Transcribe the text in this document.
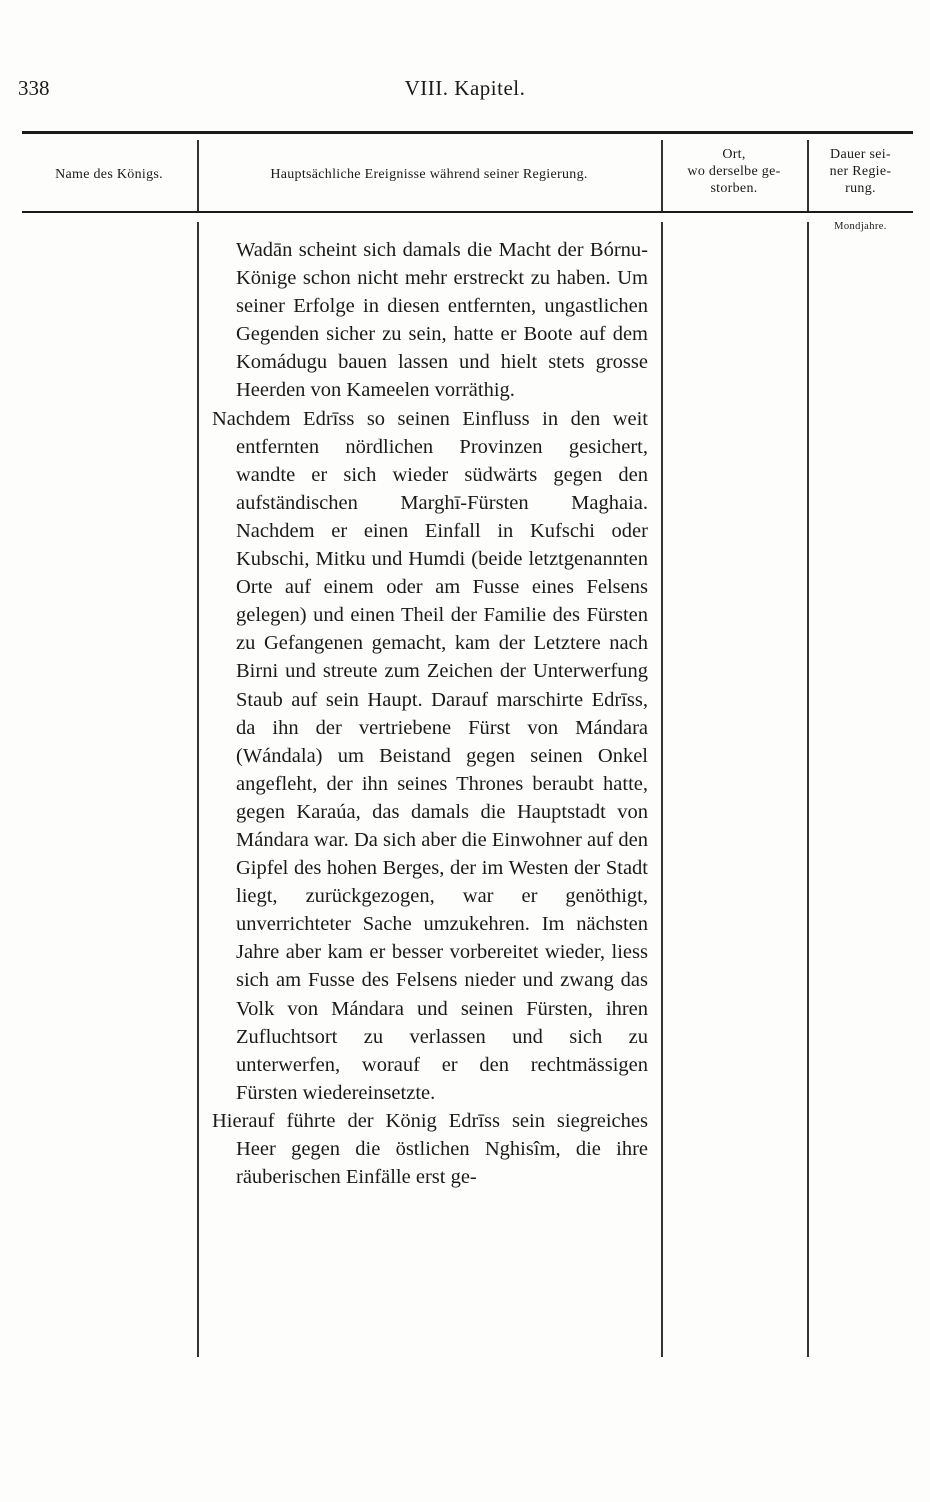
338	VIII. Kapitel.
Name des Königs.	Hauptsächliche Ereignisse während seiner Regierung.
Ort,
wo derselbe ge-
storben.
Dauer sei-
ner Regie-
rung.
Mondjahre.

Wadān scheint sich damals die Macht der Bórnu-Könige schon nicht mehr erstreckt zu haben. Um seiner Erfolge in diesen entfernten, ungastlichen Gegenden sicher zu sein, hatte er Boote auf dem Komádugu bauen lassen und hielt stets grosse Heerden von Kameelen vorräthig.

Nachdem Edrīss so seinen Einfluss in den weit entfernten nördlichen Provinzen gesichert, wandte er sich wieder südwärts gegen den aufständischen Marghī-Fürsten Maghaia. Nachdem er einen Einfall in Kufschi oder Kubschi, Mitku und Humdi (beide letztgenannten Orte auf einem oder am Fusse eines Felsens gelegen) und einen Theil der Familie des Fürsten zu Gefangenen gemacht, kam der Letztere nach Birni und streute zum Zeichen der Unterwerfung Staub auf sein Haupt. Darauf marschirte Edrīss, da ihn der vertriebene Fürst von Mándara (Wándala) um Beistand gegen seinen Onkel angefleht, der ihn seines Thrones beraubt hatte, gegen Karaúa, das damals die Hauptstadt von Mándara war. Da sich aber die Einwohner auf den Gipfel des hohen Berges, der im Westen der Stadt liegt, zurückgezogen, war er genöthigt, unverrichteter Sache umzukehren. Im nächsten Jahre aber kam er besser vorbereitet wieder, liess sich am Fusse des Felsens nieder und zwang das Volk von Mándara und seinen Fürsten, ihren Zufluchtsort zu verlassen und sich zu unterwerfen, worauf er den rechtmässigen Fürsten wiedereinsetzte.

Hierauf führte der König Edrīss sein siegreiches Heer gegen die östlichen Nghisîm, die ihre räuberischen Einfälle erst ge-
